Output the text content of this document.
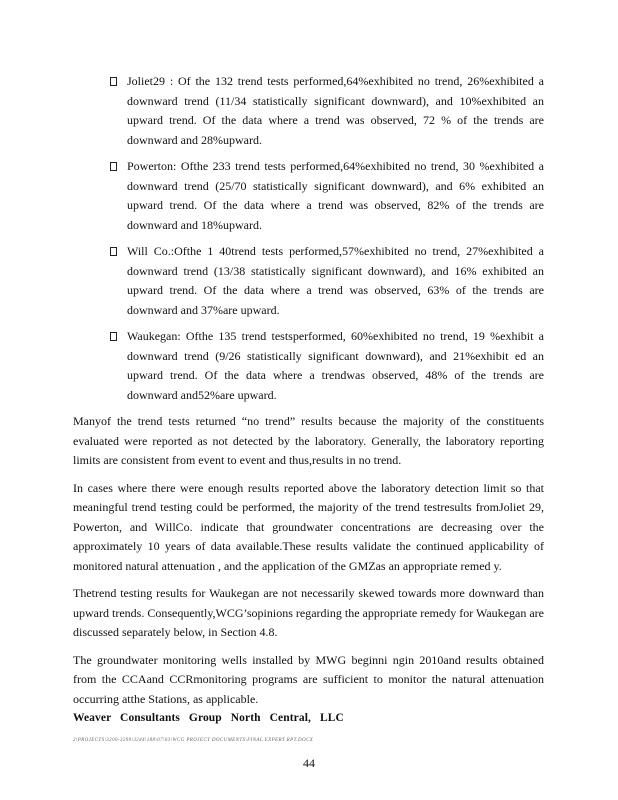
Joliet29 : Of the 132 trend tests performed,64%exhibited no trend, 26%exhibited a downward trend (11/34 statistically significant downward), and 10%exhibited an upward trend. Of the data where a trend was observed, 72 % of the trends are downward and 28%upward.
Powerton: Ofthe 233 trend tests performed,64%exhibited no trend, 30 %exhibited a downward trend (25/70 statistically significant downward), and 6% exhibited an upward trend. Of the data where a trend was observed, 82% of the trends are downward and 18%upward.
Will Co.:Ofthe 1 40trend tests performed,57%exhibited no trend, 27%exhibited a downward trend (13/38 statistically significant downward), and 16% exhibited an upward trend. Of the data where a trend was observed, 63% of the trends are downward and 37%are upward.
Waukegan: Ofthe 135 trend testsperformed, 60%exhibited no trend, 19 %exhibit a downward trend (9/26 statistically significant downward), and 21%exhibit ed an upward trend. Of the data where a trendwas observed, 48% of the trends are downward and52%are upward.

Manyof the trend tests returned “no trend” results because the majority of the constituents evaluated were reported as not detected by the laboratory. Generally, the laboratory reporting limits are consistent from event to event and thus,results in no trend.

In cases where there were enough results reported above the laboratory detection limit so that meaningful trend testing could be performed, the majority of the trend testresults fromJoliet 29, Powerton, and WillCo. indicate that groundwater concentrations are decreasing over the approximately 10 years of data available.These results validate the continued applicability of monitored natural attenuation , and the application of the GMZas an appropriate remed y.

Thetrend testing results for Waukegan are not necessarily skewed towards more downward than upward trends. Consequently,WCG’sopinions regarding the appropriate remedy for Waukegan are discussed separately below, in Section 4.8.

The groundwater monitoring wells installed by MWG beginni ngin 2010and results obtained from the CCAand CCRmonitoring programs are sufficient to monitor the natural attenuation occurring atthe Stations, as applicable.

Weaver Consultants Group North Central, LLC
2\PROJECTS\3200-3299\3244\188\07\03\WCG PROJECT DOCUMENTS\FINAL EXPERT RPT.DOCX
44
